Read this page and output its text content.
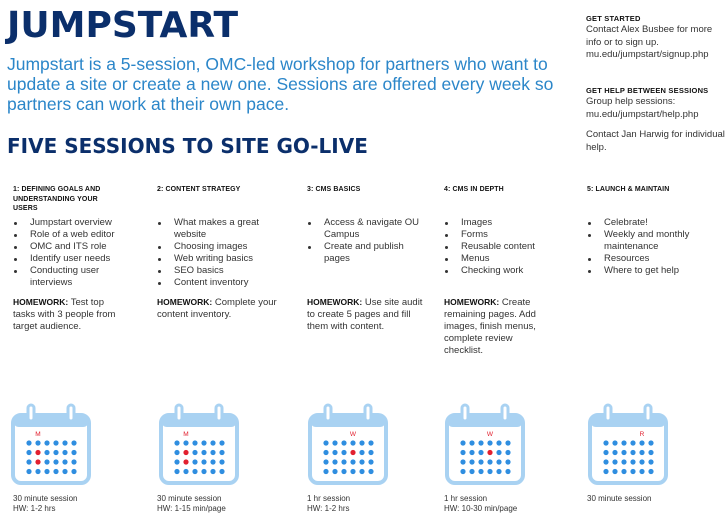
JUMPSTART

Jumpstart is a 5-session, OMC-led workshop for partners who want to update a site or create a new one. Sessions are offered every week so partners can work at their own pace.

FIVE SESSIONS TO SITE GO-LIVE
GET STARTED

Contact Alex Busbee for more info or to sign up.

mu.edu/jumpstart/signup.php

GET HELP BETWEEN SESSIONS

Group help sessions:

mu.edu/jumpstart/help.php

Contact Jan Harwig for individual help.

1: DEFINING GOALS AND UNDERSTANDING YOUR USERS
Jumpstart overview
Role of a web editor
OMC and ITS role
Identify user needs
Conducting user interviews

HOMEWORK: Test top tasks with 3 people from target audience.

2: CONTENT STRATEGY
What makes a great website
Choosing images
Web writing basics
SEO basics
Content inventory

HOMEWORK: Complete your content inventory.

3: CMS BASICS
Access & navigate OU Campus
Create and publish pages

HOMEWORK: Use site audit to create 5 pages and fill them with content.

4: CMS IN DEPTH
Images
Forms
Reusable content
Menus
Checking work

HOMEWORK: Create remaining pages. Add images, finish menus, complete review checklist.

5: LAUNCH & MAINTAIN
Celebrate!
Weekly and monthly maintenance
Resources
Where to get help
M	M	W	W	R
30 minute session
HW: 1-2 hrs
30 minute session
HW: 1-15 min/page
1 hr session
HW: 1-2 hrs
1 hr session
HW: 10-30 min/page
30 minute session
